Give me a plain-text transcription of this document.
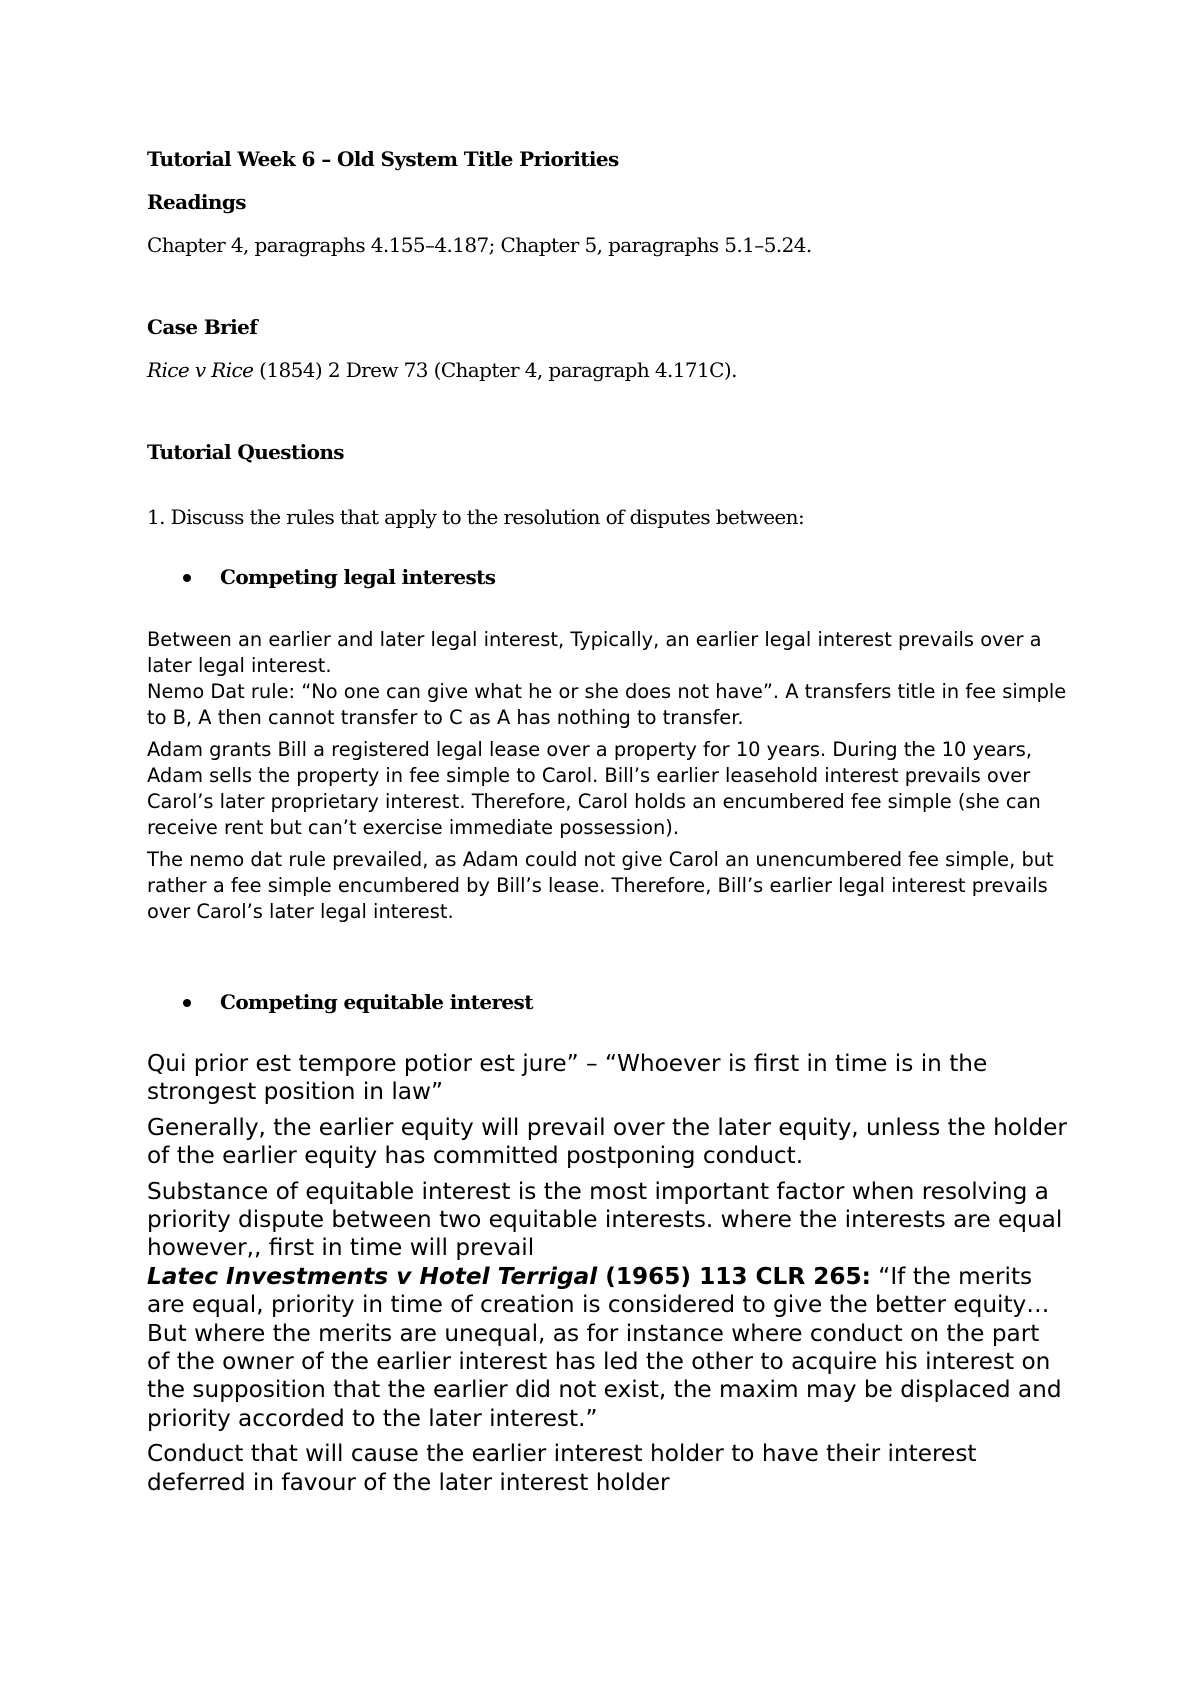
Tutorial Week 6 – Old System Title Priorities
Readings
Chapter 4, paragraphs 4.155–4.187; Chapter 5, paragraphs 5.1–5.24.
Case Brief
Rice v Rice (1854) 2 Drew 73 (Chapter 4, paragraph 4.171C).
Tutorial Questions
1. Discuss the rules that apply to the resolution of disputes between:
Competing legal interests

Between an earlier and later legal interest, Typically, an earlier legal interest prevails over a later legal interest.

Nemo Dat rule: “No one can give what he or she does not have”. A transfers title in fee simple to B, A then cannot transfer to C as A has nothing to transfer.

Adam grants Bill a registered legal lease over a property for 10 years. During the 10 years, Adam sells the property in fee simple to Carol. Bill’s earlier leasehold interest prevails over Carol’s later proprietary interest. Therefore, Carol holds an encumbered fee simple (she can receive rent but can’t exercise immediate possession).

The nemo dat rule prevailed, as Adam could not give Carol an unencumbered fee simple, but rather a fee simple encumbered by Bill’s lease. Therefore, Bill’s earlier legal interest prevails over Carol’s later legal interest.

Competing equitable interest

Qui prior est tempore potior est jure” – “Whoever is first in time is in the strongest position in law”

Generally, the earlier equity will prevail over the later equity, unless the holder of the earlier equity has committed postponing conduct.

Substance of equitable interest is the most important factor when resolving a priority dispute between two equitable interests. where the interests are equal however,, first in time will prevail

Latec Investments v Hotel Terrigal (1965) 113 CLR 265: “If the merits are equal, priority in time of creation is considered to give the better equity…But where the merits are unequal, as for instance where conduct on the part of the owner of the earlier interest has led the other to acquire his interest on the supposition that the earlier did not exist, the maxim may be displaced and priority accorded to the later interest.”

Conduct that will cause the earlier interest holder to have their interest deferred in favour of the later interest holder
